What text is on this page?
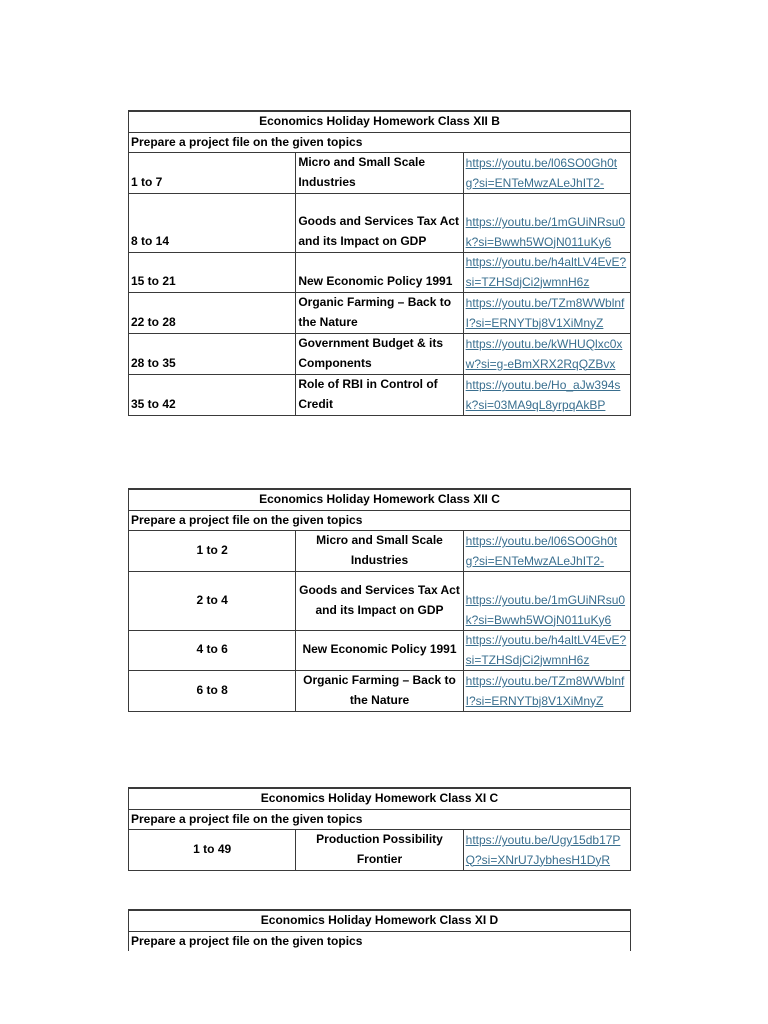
Economics Holiday Homework Class XII B		
Prepare a project file on the given topics		
1 to 7	Micro and Small Scale Industries	https://youtu.be/l06SO0Gh0tg?si=ENTeMwzALeJhIT2-
8 to 14	Goods and Services Tax Act and its Impact on GDP	https://youtu.be/1mGUiNRsu0k?si=Bwwh5WOjN011uKy6
15 to 21	New Economic Policy 1991	https://youtu.be/h4altLV4EvE?si=TZHSdjCi2jwmnH6z
22 to 28	Organic Farming – Back to the Nature	https://youtu.be/TZm8WWblnfI?si=ERNYTbj8V1XiMnyZ
28 to 35	Government Budget & its Components	https://youtu.be/kWHUQlxc0xw?si=g-eBmXRX2RqQZBvx
35 to 42	Role of RBI in Control of Credit	https://youtu.be/Ho_aJw394sk?si=03MA9qL8yrpqAkBP
Economics Holiday Homework Class XII C		
Prepare a project file on the given topics		
1 to 2	Micro and Small Scale Industries	https://youtu.be/l06SO0Gh0tg?si=ENTeMwzALeJhIT2-
2 to 4	Goods and Services Tax Act and its Impact on GDP	https://youtu.be/1mGUiNRsu0k?si=Bwwh5WOjN011uKy6
4 to 6	New Economic Policy 1991	https://youtu.be/h4altLV4EvE?si=TZHSdjCi2jwmnH6z
6 to 8	Organic Farming – Back to the Nature	https://youtu.be/TZm8WWblnfI?si=ERNYTbj8V1XiMnyZ
Economics Holiday Homework Class XI C
Prepare a project file on the given topics
1 to 49	Production Possibility Frontier	https://youtu.be/Ugy15db17PQ?si=XNrU7JybhesH1DyR
Economics Holiday Homework Class XI D
Prepare a project file on the given topics
